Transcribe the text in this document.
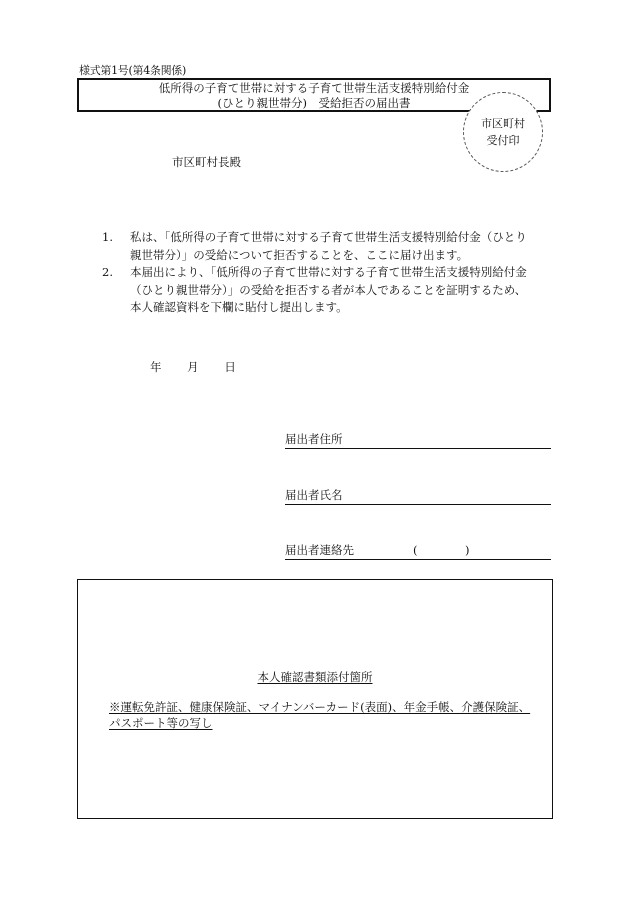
様式第1号(第4条関係)
低所得の子育て世帯に対する子育て世帯生活支援特別給付金
(ひとり親世帯分)　受給拒否の届出書
市区町村
受付印
市区町村長殿
1.	私は、「低所得の子育て世帯に対する子育て世帯生活支援特別給付金（ひとり親世帯分）」の受給について拒否することを、ここに届け出ます。
2.	本届出により、「低所得の子育て世帯に対する子育て世帯生活支援特別給付金（ひとり親世帯分）」の受給を拒否する者が本人であることを証明するため、本人確認資料を下欄に貼付し提出します。
年 月 日
届出者住所
届出者氏名
届出者連絡先	(	)
本人確認書類添付箇所
※運転免許証、健康保険証、マイナンバーカード(表面)、年金手帳、介護保険証、パスポート等の写し
